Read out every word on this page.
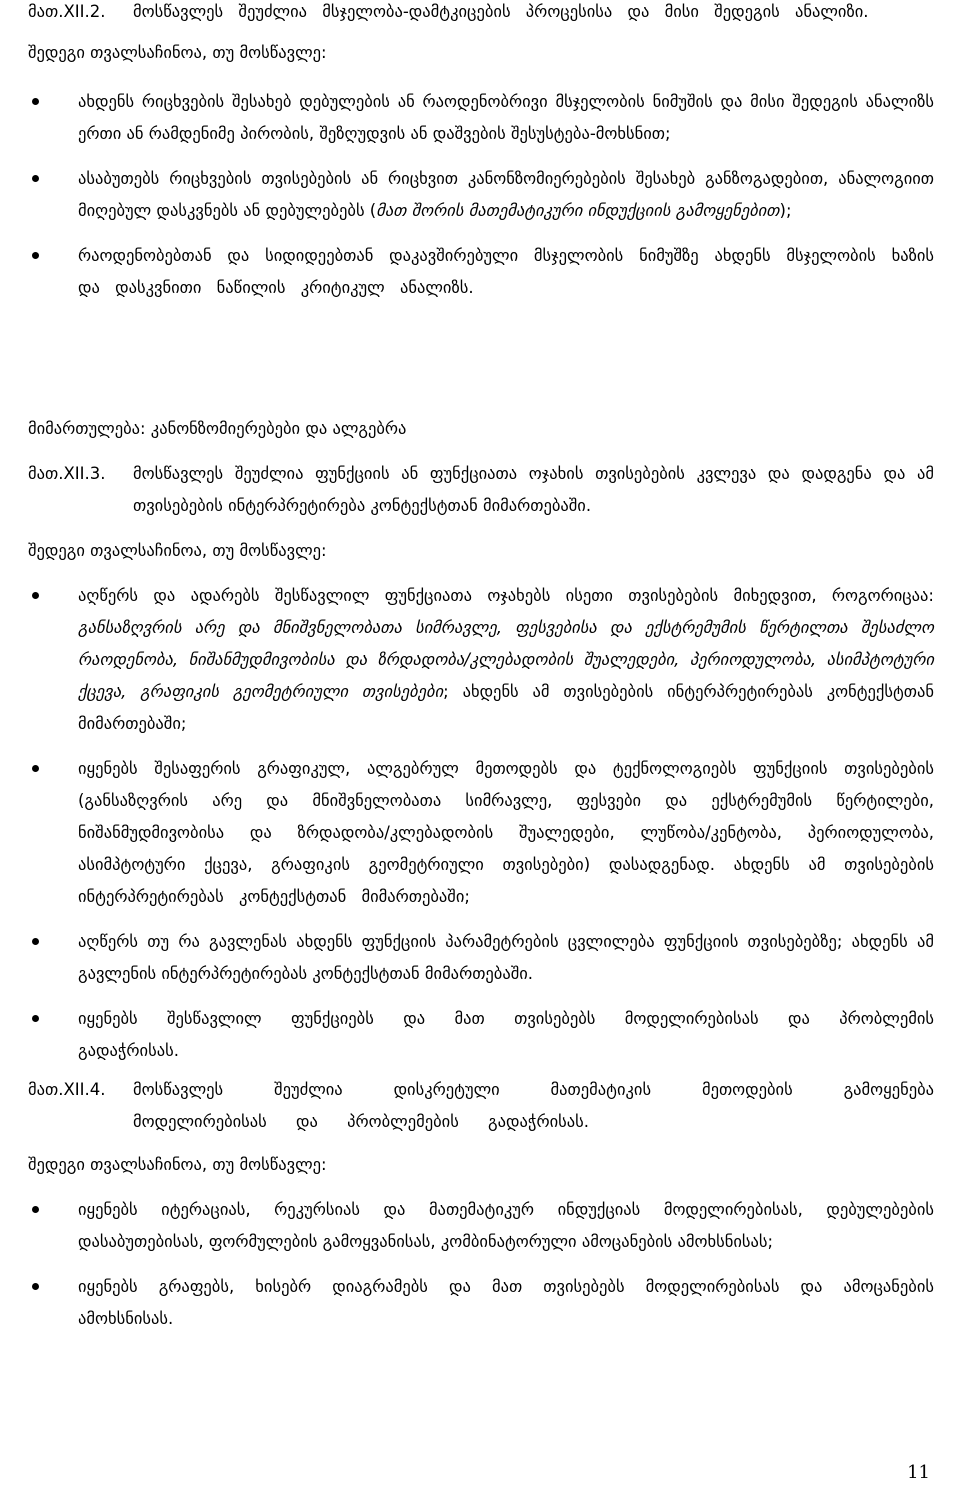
მათ.XII.2.	მოსწავლეს შეუძლია მსჯელობა-დამტკიცების პროცესისა და მისი შედეგის ანალიზი.
შედეგი თვალსაჩინოა, თუ მოსწავლე:
ახდენს რიცხვების შესახებ დებულების ან რაოდენობრივი მსჯელობის ნიმუშის და მისი შედეგის ანალიზს ერთი ან რამდენიმე პირობის, შეზღუდვის ან დაშვების შესუსტება-მოხსნით;
ასაბუთებს რიცხვების თვისებების ან რიცხვით კანონზომიერებების შესახებ განზოგადებით, ანალოგიით მიღებულ დასკვნებს ან დებულებებს (მათ შორის მათემატიკური ინდუქციის გამოყენებით);
რაოდენობებთან და სიდიდეებთან დაკავშირებული მსჯელობის ნიმუშზე ახდენს მსჯელობის ხაზის და დასკვნითი ნაწილის კრიტიკულ ანალიზს.
მიმართულება: კანონზომიერებები და ალგებრა
მათ.XII.3.	მოსწავლეს შეუძლია ფუნქციის ან ფუნქციათა ოჯახის თვისებების კვლევა და დადგენა და ამ თვისებების ინტერპრეტირება კონტექსტთან მიმართებაში.
შედეგი თვალსაჩინოა, თუ მოსწავლე:
აღწერს და ადარებს შესწავლილ ფუნქციათა ოჯახებს ისეთი თვისებების მიხედვით, როგორიცაა: განსაზღვრის არე და მნიშვნელობათა სიმრავლე, ფესვებისა და ექსტრემუმის წერტილთა შესაძლო რაოდენობა, ნიშანმუდმივობისა და ზრდადობა/კლებადობის შუალედები, პერიოდულობა, ასიმპტოტური ქცევა, გრაფიკის გეომეტრიული თვისებები; ახდენს ამ თვისებების ინტერპრეტირებას კონტექსტთან მიმართებაში;
იყენებს შესაფერის გრაფიკულ, ალგებრულ მეთოდებს და ტექნოლოგიებს ფუნქციის თვისებების (განსაზღვრის არე და მნიშვნელობათა სიმრავლე, ფესვები და ექსტრემუმის წერტილები, ნიშანმუდმივობისა და ზრდადობა/კლებადობის შუალედები, ლუწობა/კენტობა, პერიოდულობა, ასიმპტოტური ქცევა, გრაფიკის გეომეტრიული თვისებები) დასადგენად. ახდენს ამ თვისებების ინტერპრეტირებას კონტექსტთან მიმართებაში;
აღწერს თუ რა გავლენას ახდენს ფუნქციის პარამეტრების ცვლილება ფუნქციის თვისებებზე; ახდენს ამ გავლენის ინტერპრეტირებას კონტექსტთან მიმართებაში.
იყენებს შესწავლილ ფუნქციებს და მათ თვისებებს მოდელირებისას და პრობლემის გადაჭრისას.
მათ.XII.4.	მოსწავლეს შეუძლია დისკრეტული მათემატიკის მეთოდების გამოყენება მოდელირებისას და პრობლემების გადაჭრისას.
შედეგი თვალსაჩინოა, თუ მოსწავლე:
იყენებს იტერაციას, რეკურსიას და მათემატიკურ ინდუქციას მოდელირებისას, დებულებების დასაბუთებისას, ფორმულების გამოყვანისას, კომბინატორული ამოცანების ამოხსნისას;
იყენებს გრაფებს, ხისებრ დიაგრამებს და მათ თვისებებს მოდელირებისას და ამოცანების ამოხსნისას.
11
